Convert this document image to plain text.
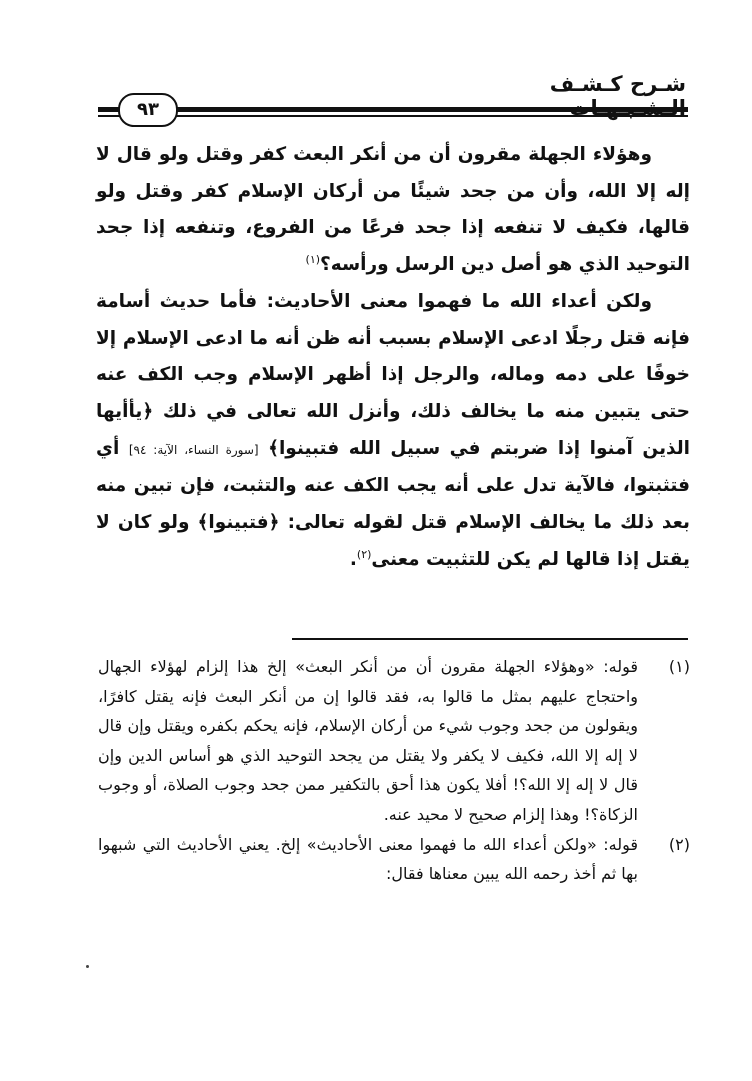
شـرح كـشـف
٩٣

وهؤلاء الجهلة مقرون أن من أنكر البعث كفر وقتل ولو قال لا إله إلا الله، وأن من جحد شيئًا من أركان الإسلام كفر وقتل ولو قالها، فكيف لا تنفعه إذا جحد فرعًا من الفروع، وتنفعه إذا جحد التوحيد الذي هو أصل دين الرسل ورأسه؟$^{(١)}$

ولكن أعداء الله ما فهموا معنى الأحاديث: فأما حديث أسامة فإنه قتل رجلًا ادعى الإسلام بسبب أنه ظن أنه ما ادعى الإسلام إلا خوفًا على دمه وماله، والرجل إذا أظهر الإسلام وجب الكف عنه حتى يتبين منه ما يخالف ذلك، وأنزل الله تعالى في ذلك ﴿يأأيها الذين آمنوا إذا ضربتم في سبيل الله فتبينوا﴾ [سورة النساء، الآية: ٩٤] أي فتثبتوا، فالآية تدل على أنه يجب الكف عنه والتثبت، فإن تبين منه بعد ذلك ما يخالف الإسلام قتل لقوله تعالى: ﴿فتبينوا﴾ ولو كان لا يقتل إذا قالها لم يكن للتثبيت معنى$^{(٢)}$.

(١)
قوله: «وهؤلاء الجهلة مقرون أن من أنكر البعث» إلخ هذا إلزام لهؤلاء الجهال واحتجاج عليهم بمثل ما قالوا به، فقد قالوا إن من أنكر البعث فإنه يقتل كافرًا، ويقولون من جحد وجوب شيء من أركان الإسلام، فإنه يحكم بكفره ويقتل وإن قال لا إله إلا الله، فكيف لا يكفر ولا يقتل من يجحد التوحيد الذي هو أساس الدين وإن قال لا إله إلا الله؟! أفلا يكون هذا أحق بالتكفير ممن جحد وجوب الصلاة، أو وجوب الزكاة؟! وهذا إلزام صحيح لا محيد عنه.

(٢)
قوله: «ولكن أعداء الله ما فهموا معنى الأحاديث» إلخ. يعني الأحاديث التي شبهوا بها ثم أخذ رحمه الله يبين معناها فقال:
